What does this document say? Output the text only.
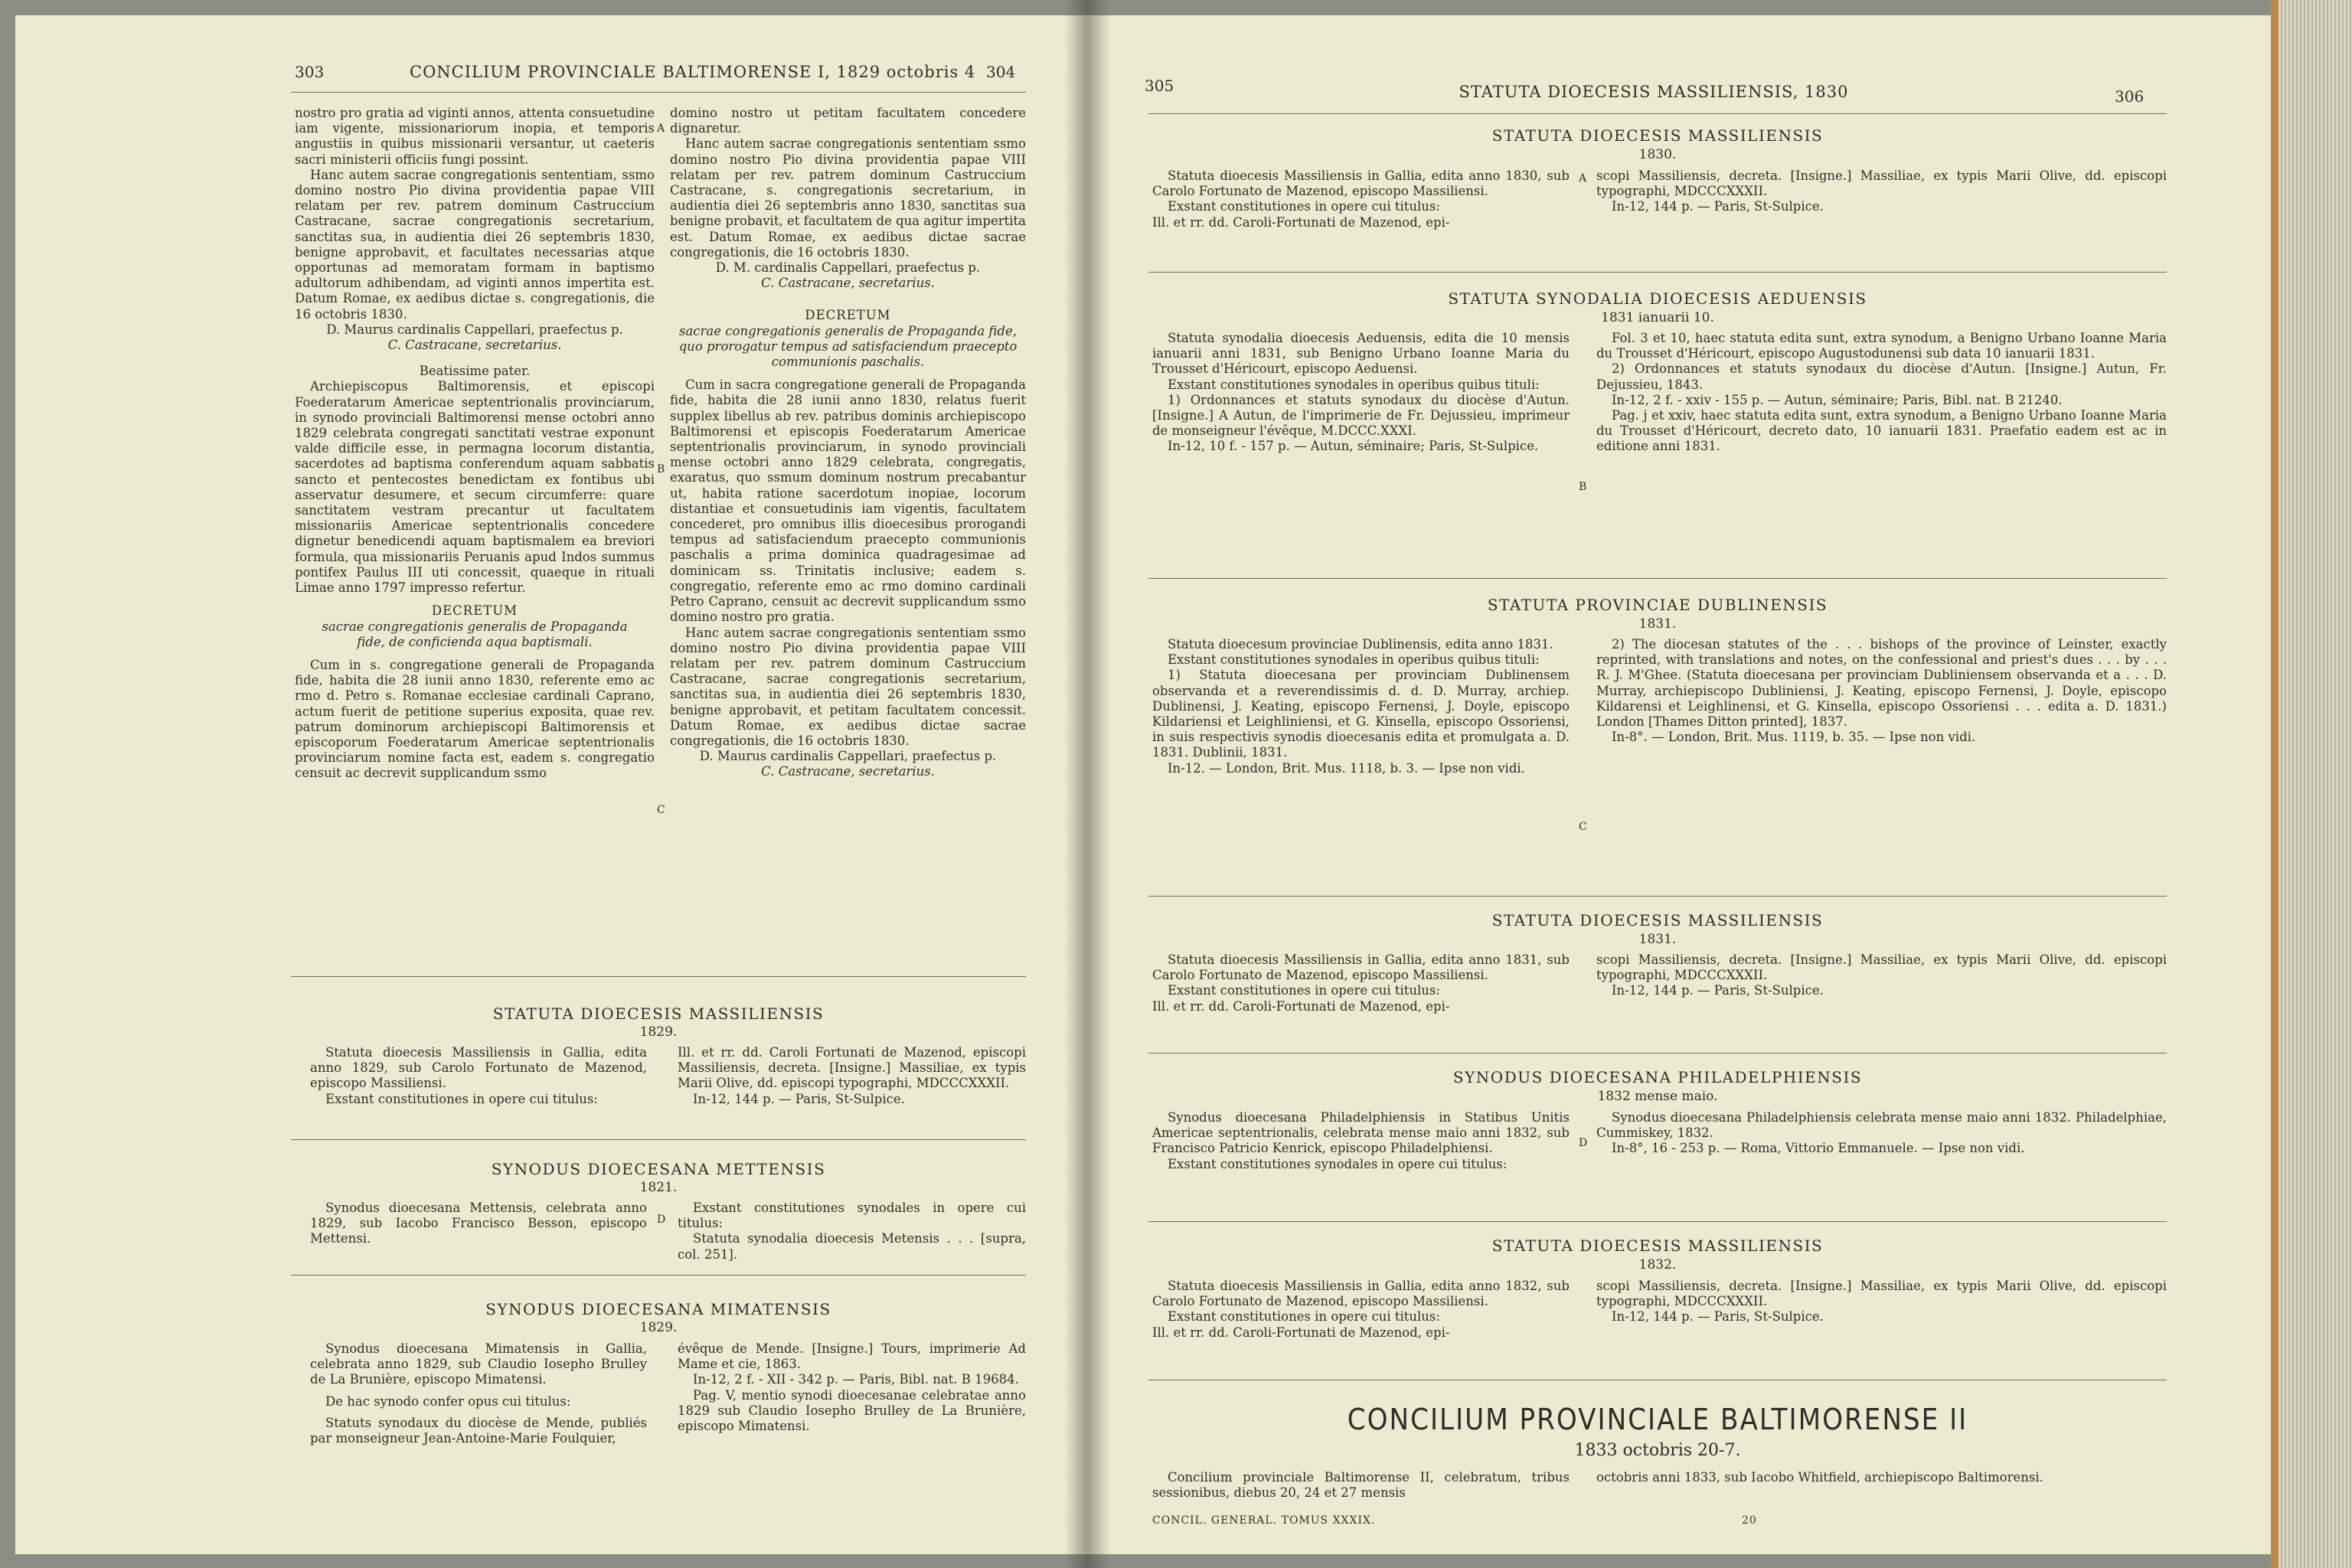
303	CONCILIUM PROVINCIALE BALTIMORENSE I, 1829 octobris 4 304

nostro pro gratia ad viginti annos, attenta consuetudine iam vigente, missionariorum inopia, et temporis angustiis in quibus missionarii versantur, ut caeteris sacri ministerii officiis fungi possint.

Hanc autem sacrae congregationis sententiam, ssmo domino nostro Pio divina providentia papae VIII relatam per rev. patrem dominum Castruccium Castracane, sacrae congregationis secretarium, sanctitas sua, in audientia diei 26 septembris 1830, benigne approbavit, et facultates necessarias atque opportunas ad memoratam formam in baptismo adultorum adhibendam, ad viginti annos impertita est. Datum Romae, ex aedibus dictae s. congregationis, die 16 octobris 1830.

D. Maurus cardinalis Cappellari, praefectus p.

C. Castracane, secretarius.

Beatissime pater.

Archiepiscopus Baltimorensis, et episcopi Foederatarum Americae septentrionalis provinciarum, in synodo provinciali Baltimorensi mense octobri anno 1829 celebrata congregati sanctitati vestrae exponunt valde difficile esse, in permagna locorum distantia, sacerdotes ad baptisma conferendum aquam sabbatis sancto et pentecostes benedictam ex fontibus ubi asservatur desumere, et secum circumferre: quare sanctitatem vestram precantur ut facultatem missionariis Americae septentrionalis concedere dignetur benedicendi aquam baptismalem ea breviori formula, qua missionariis Peruanis apud Indos summus pontifex Paulus III uti concessit, quaeque in rituali Limae anno 1797 impresso refertur.

DECRETUM

sacrae congregationis generalis de Propaganda fide, de conficienda aqua baptismali.

Cum in s. congregatione generali de Propaganda fide, habita die 28 iunii anno 1830, referente emo ac rmo d. Petro s. Romanae ecclesiae cardinali Caprano, actum fuerit de petitione superius exposita, quae rev. patrum dominorum archiepiscopi Baltimorensis et episcoporum Foederatarum Americae septentrionalis provinciarum nomine facta est, eadem s. congregatio censuit ac decrevit supplicandum ssmo

A
B
C
D

domino nostro ut petitam facultatem concedere dignaretur.

Hanc autem sacrae congregationis sententiam ssmo domino nostro Pio divina providentia papae VIII relatam per rev. patrem dominum Castruccium Castracane, s. congregationis secretarium, in audientia diei 26 septembris anno 1830, sanctitas sua benigne probavit, et facultatem de qua agitur impertita est. Datum Romae, ex aedibus dictae sacrae congregationis, die 16 octobris 1830.

D. M. cardinalis Cappellari, praefectus p.

C. Castracane, secretarius.

DECRETUM

sacrae congregationis generalis de Propaganda fide, quo prorogatur tempus ad satisfaciendum praecepto communionis paschalis.

Cum in sacra congregatione generali de Propaganda fide, habita die 28 iunii anno 1830, relatus fuerit supplex libellus ab rev. patribus dominis archiepiscopo Baltimorensi et episcopis Foederatarum Americae septentrionalis provinciarum, in synodo provinciali mense octobri anno 1829 celebrata, congregatis, exaratus, quo ssmum dominum nostrum precabantur ut, habita ratione sacerdotum inopiae, locorum distantiae et consuetudinis iam vigentis, facultatem concederet, pro omnibus illis dioecesibus prorogandi tempus ad satisfaciendum praecepto communionis paschalis a prima dominica quadragesimae ad dominicam ss. Trinitatis inclusive; eadem s. congregatio, referente emo ac rmo domino cardinali Petro Caprano, censuit ac decrevit supplicandum ssmo domino nostro pro gratia.

Hanc autem sacrae congregationis sententiam ssmo domino nostro Pio divina providentia papae VIII relatam per rev. patrem dominum Castruccium Castracane, sacrae congregationis secretarium, sanctitas sua, in audientia diei 26 septembris 1830, benigne approbavit, et petitam facultatem concessit. Datum Romae, ex aedibus dictae sacrae congregationis, die 16 octobris 1830.

D. Maurus cardinalis Cappellari, praefectus p.

C. Castracane, secretarius.

STATUTA DIOECESIS MASSILIENSIS
1829.

Statuta dioecesis Massiliensis in Gallia, edita anno 1829, sub Carolo Fortunato de Mazenod, episcopo Massiliensi.

Exstant constitutiones in opere cui titulus:

Ill. et rr. dd. Caroli Fortunati de Mazenod, episcopi Massiliensis, decreta. [Insigne.] Massiliae, ex typis Marii Olive, dd. episcopi typographi, MDCCCXXXII.

In-12, 144 p. — Paris, St-Sulpice.

SYNODUS DIOECESANA METTENSIS
1821.

Synodus dioecesana Mettensis, celebrata anno 1829, sub Iacobo Francisco Besson, episcopo Mettensi.

Exstant constitutiones synodales in opere cui titulus:

Statuta synodalia dioecesis Metensis . . . [supra, col. 251].

SYNODUS DIOECESANA MIMATENSIS
1829.

Synodus dioecesana Mimatensis in Gallia, celebrata anno 1829, sub Claudio Iosepho Brulley de La Brunière, episcopo Mimatensi.

De hac synodo confer opus cui titulus:

Statuts synodaux du diocèse de Mende, publiés par monseigneur Jean-Antoine-Marie Foulquier,

évêque de Mende. [Insigne.] Tours, imprimerie Ad Mame et cie, 1863.

In-12, 2 f. - XII - 342 p. — Paris, Bibl. nat. B 19684.

Pag. V, mentio synodi dioecesanae celebratae anno 1829 sub Claudio Iosepho Brulley de La Brunière, episcopo Mimatensi.

305	STATUTA DIOECESIS MASSILIENSIS, 1830	306
A
B
C
D
STATUTA DIOECESIS MASSILIENSIS
1830.

Statuta dioecesis Massiliensis in Gallia, edita anno 1830, sub Carolo Fortunato de Mazenod, episcopo Massiliensi.

Exstant constitutiones in opere cui titulus:

Ill. et rr. dd. Caroli-Fortunati de Mazenod, epi-

scopi Massiliensis, decreta. [Insigne.] Massiliae, ex typis Marii Olive, dd. episcopi typographi, MDCCCXXXII.

In-12, 144 p. — Paris, St-Sulpice.

STATUTA SYNODALIA DIOECESIS AEDUENSIS
1831 ianuarii 10.

Statuta synodalia dioecesis Aeduensis, edita die 10 mensis ianuarii anni 1831, sub Benigno Urbano Ioanne Maria du Trousset d'Héricourt, episcopo Aeduensi.

Exstant constitutiones synodales in operibus quibus tituli:

1) Ordonnances et statuts synodaux du diocèse d'Autun. [Insigne.] A Autun, de l'imprimerie de Fr. Dejussieu, imprimeur de monseigneur l'évêque, M.DCCC.XXXI.

In-12, 10 f. - 157 p. — Autun, séminaire; Paris, St-Sulpice.

Fol. 3 et 10, haec statuta edita sunt, extra synodum, a Benigno Urbano Ioanne Maria du Trousset d'Héricourt, episcopo Augustodunensi sub data 10 ianuarii 1831.

2) Ordonnances et statuts synodaux du diocèse d'Autun. [Insigne.] Autun, Fr. Dejussieu, 1843.

In-12, 2 f. - xxiv - 155 p. — Autun, séminaire; Paris, Bibl. nat. B 21240.

Pag. j et xxiv, haec statuta edita sunt, extra synodum, a Benigno Urbano Ioanne Maria du Trousset d'Héricourt, decreto dato, 10 ianuarii 1831. Praefatio eadem est ac in editione anni 1831.

STATUTA PROVINCIAE DUBLINENSIS
1831.

Statuta dioecesum provinciae Dublinensis, edita anno 1831.

Exstant constitutiones synodales in operibus quibus tituli:

1) Statuta dioecesana per provinciam Dublinensem observanda et a reverendissimis d. d. D. Murray, archiep. Dublinensi, J. Keating, episcopo Fernensi, J. Doyle, episcopo Kildariensi et Leighliniensi, et G. Kinsella, episcopo Ossoriensi, in suis respectivis synodis dioecesanis edita et promulgata a. D. 1831. Dublinii, 1831.

In-12. — London, Brit. Mus. 1118, b. 3. — Ipse non vidi.

2) The diocesan statutes of the . . . bishops of the province of Leinster, exactly reprinted, with translations and notes, on the confessional and priest's dues . . . by . . . R. J. M'Ghee. (Statuta dioecesana per provinciam Dubliniensem observanda et a . . . D. Murray, archiepiscopo Dubliniensi, J. Keating, episcopo Fernensi, J. Doyle, episcopo Kildarensi et Leighlinensi, et G. Kinsella, episcopo Ossoriensi . . . edita a. D. 1831.) London [Thames Ditton printed], 1837.

In-8°. — London, Brit. Mus. 1119, b. 35. — Ipse non vidi.

STATUTA DIOECESIS MASSILIENSIS
1831.

Statuta dioecesis Massiliensis in Gallia, edita anno 1831, sub Carolo Fortunato de Mazenod, episcopo Massiliensi.

Exstant constitutiones in opere cui titulus:

Ill. et rr. dd. Caroli-Fortunati de Mazenod, epi-

scopi Massiliensis, decreta. [Insigne.] Massiliae, ex typis Marii Olive, dd. episcopi typographi, MDCCCXXXII.

In-12, 144 p. — Paris, St-Sulpice.

SYNODUS DIOECESANA PHILADELPHIENSIS
1832 mense maio.

Synodus dioecesana Philadelphiensis in Statibus Unitis Americae septentrionalis, celebrata mense maio anni 1832, sub Francisco Patricio Kenrick, episcopo Philadelphiensi.

Exstant constitutiones synodales in opere cui titulus:

Synodus dioecesana Philadelphiensis celebrata mense maio anni 1832. Philadelphiae, Cummiskey, 1832.

In-8°, 16 - 253 p. — Roma, Vittorio Emmanuele. — Ipse non vidi.

STATUTA DIOECESIS MASSILIENSIS
1832.

Statuta dioecesis Massiliensis in Gallia, edita anno 1832, sub Carolo Fortunato de Mazenod, episcopo Massiliensi.

Exstant constitutiones in opere cui titulus:

Ill. et rr. dd. Caroli-Fortunati de Mazenod, epi-

scopi Massiliensis, decreta. [Insigne.] Massiliae, ex typis Marii Olive, dd. episcopi typographi, MDCCCXXXII.

In-12, 144 p. — Paris, St-Sulpice.

CONCILIUM PROVINCIALE BALTIMORENSE II
1833 octobris 20-7.

Concilium provinciale Baltimorense II, celebratum, tribus sessionibus, diebus 20, 24 et 27 mensis

octobris anni 1833, sub Iacobo Whitfield, archiepiscopo Baltimorensi.

CONCIL. GENERAL. TOMUS XXXIX.	20
